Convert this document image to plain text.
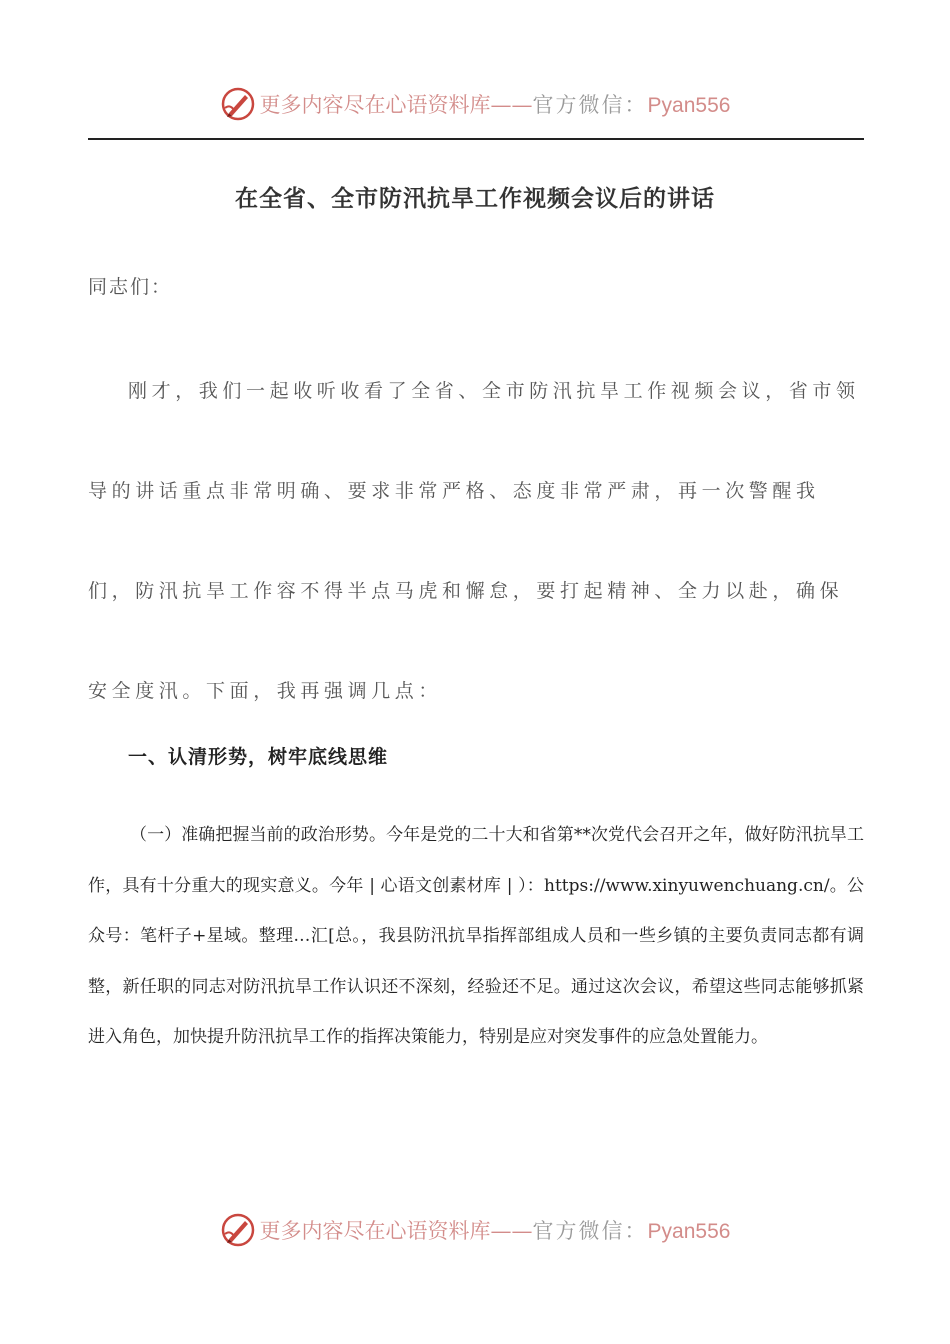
更多内容尽在心语资料库——官方微信：Pyan556
在全省、全市防汛抗旱工作视频会议后的讲话
同志们：

刚才，我们一起收听收看了全省、全市防汛抗旱工作视频会议，省市领导的讲话重点非常明确、要求非常严格、态度非常严肃，再一次警醒我们，防汛抗旱工作容不得半点马虎和懈怠，要打起精神、全力以赴，确保安全度汛。下面，我再强调几点：

一、认清形势，树牢底线思维

（一）准确把握当前的政治形势。今年是党的二十大和省第**次党代会召开之年，做好防汛抗旱工作，具有十分重大的现实意义。今年 | 心语文创素材库 | ）：https://www.xinyuwenchuang.cn/。公众号：笔杆子+星域。整理…汇[总。，我县防汛抗旱指挥部组成人员和一些乡镇的主要负责同志都有调整，新任职的同志对防汛抗旱工作认识还不深刻，经验还不足。通过这次会议，希望这些同志能够抓紧进入角色，加快提升防汛抗旱工作的指挥决策能力，特别是应对突发事件的应急处置能力。

更多内容尽在心语资料库——官方微信：Pyan556
